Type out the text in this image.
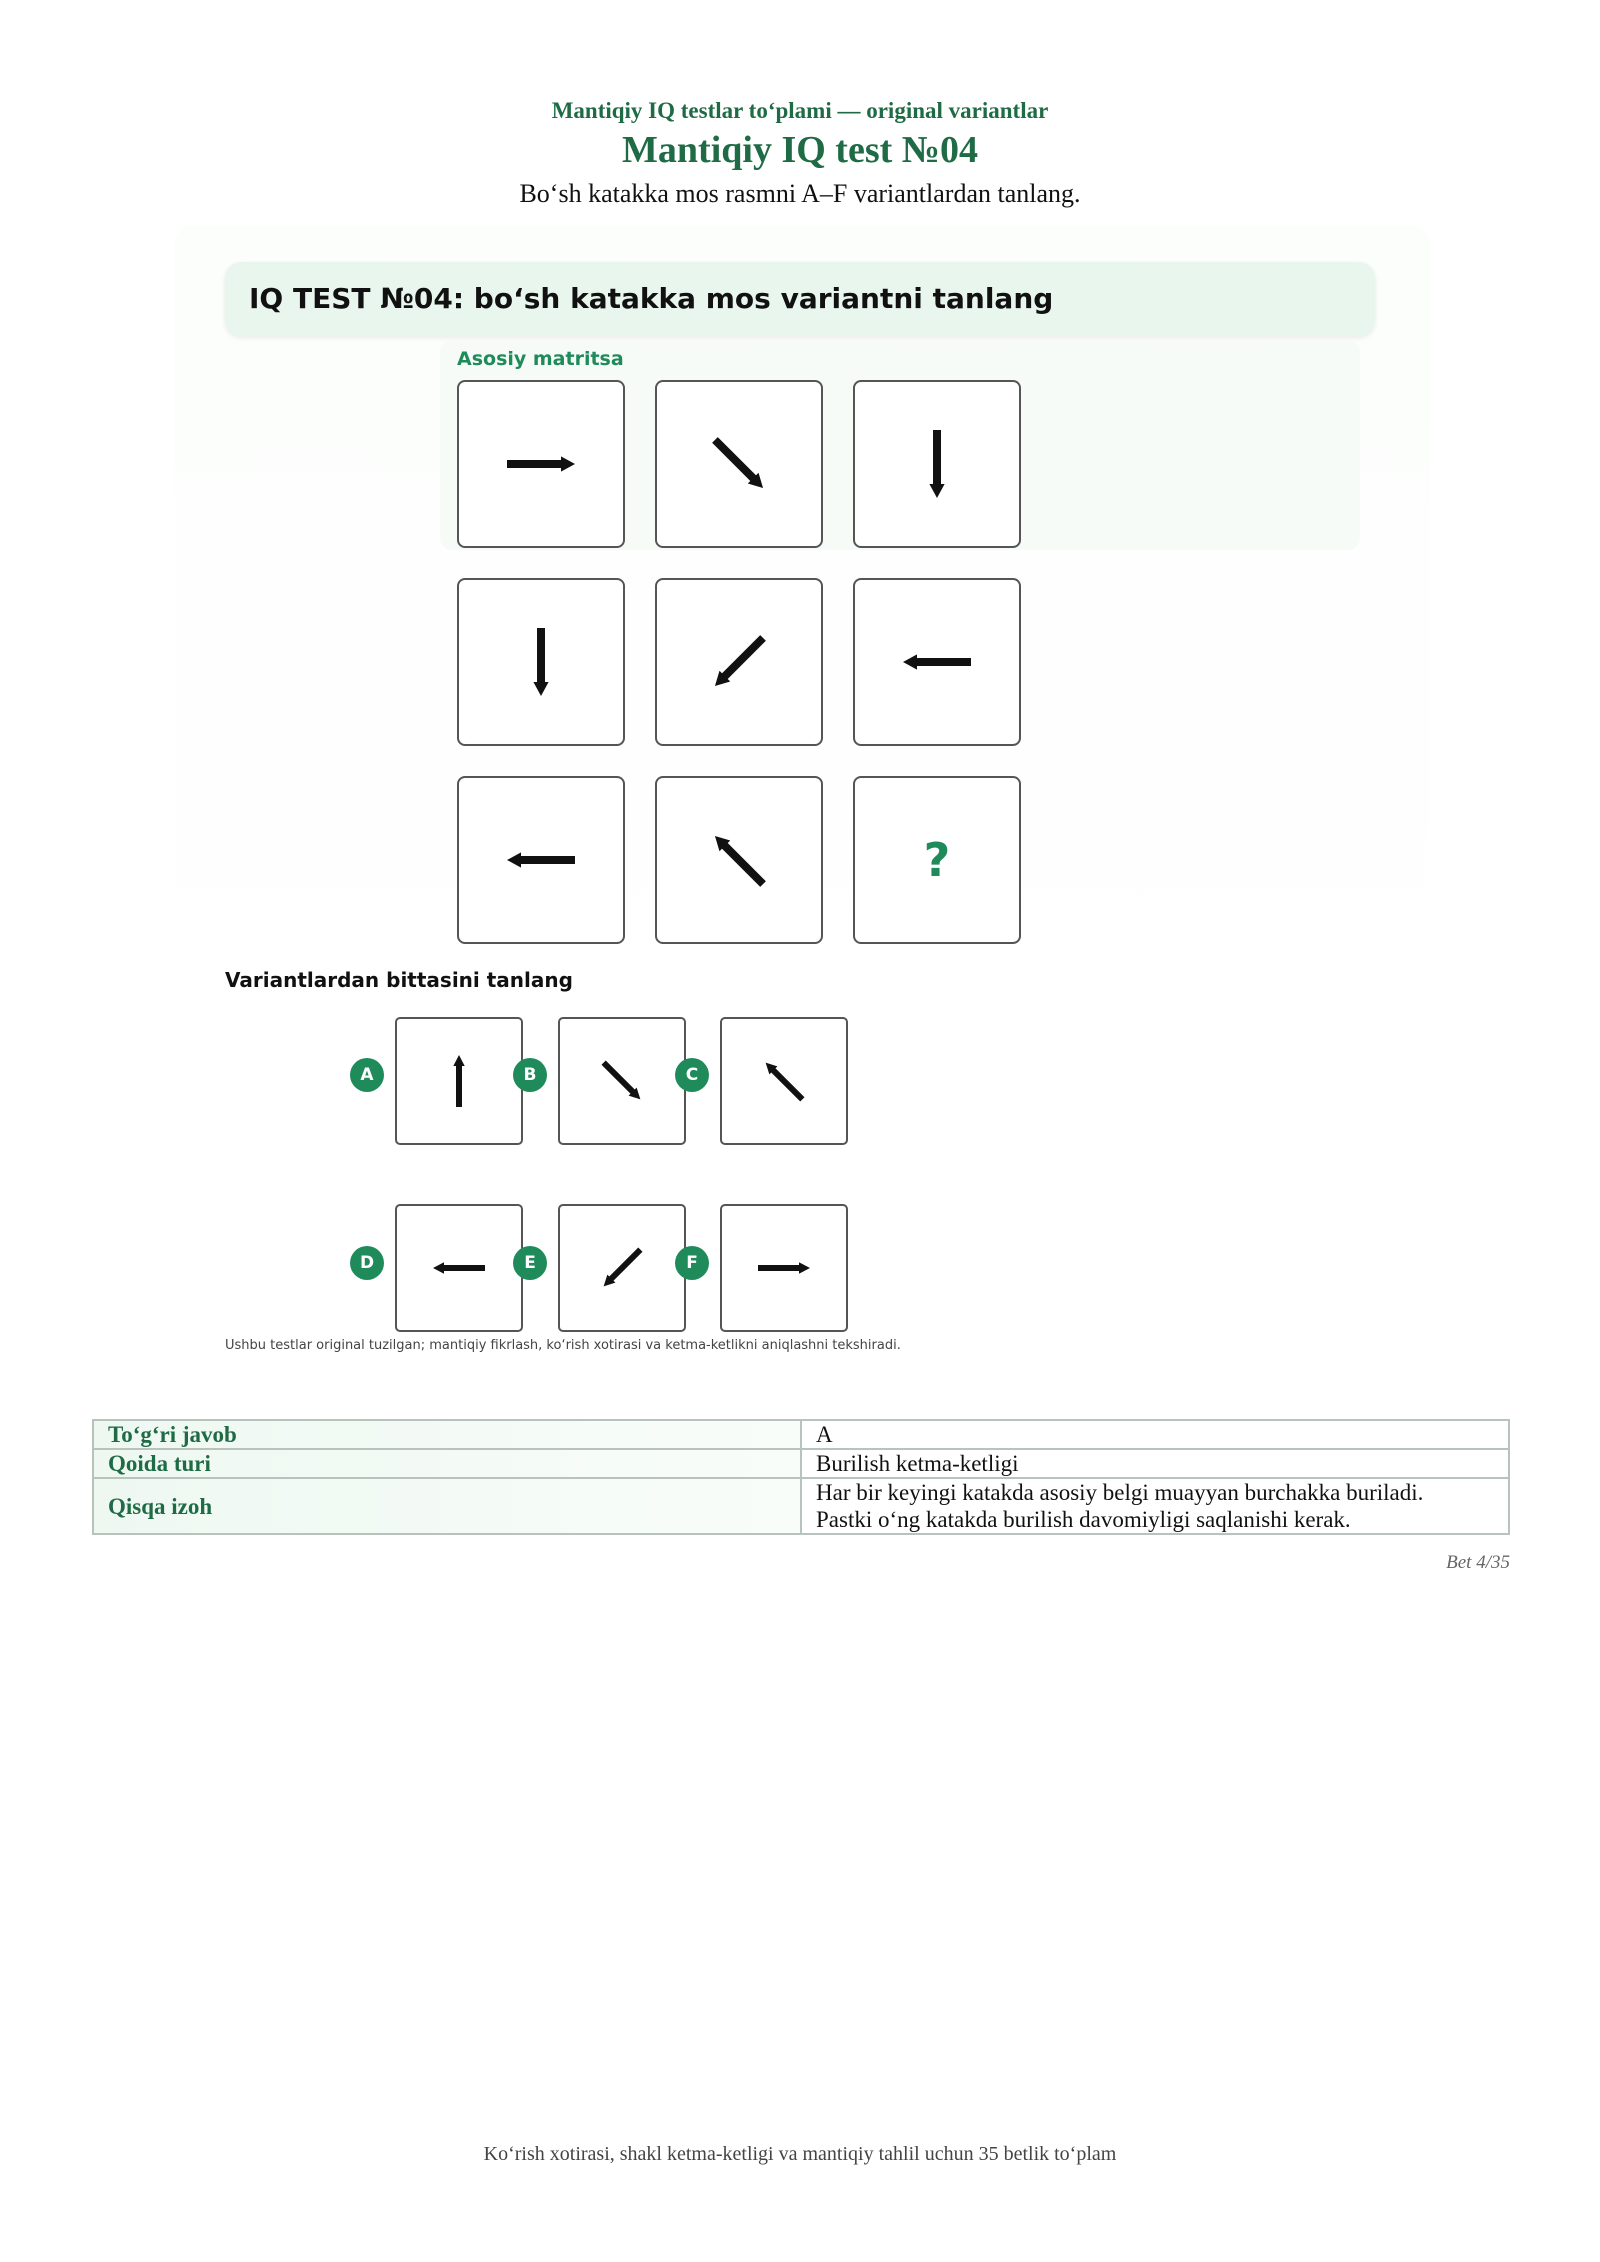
Mantiqiy IQ testlar to‘plami — original variantlar
Mantiqiy IQ test №04
Bo‘sh katakka mos rasmni A–F variantlardan tanlang.
IQ TEST №04: bo‘sh katakka mos variantni tanlang
Asosiy matritsa
?
Variantlardan bittasini tanlang
A	B	C
D	E	F
Ushbu testlar original tuzilgan; mantiqiy fikrlash, ko‘rish xotirasi va ketma-ketlikni aniqlashni tekshiradi.
To‘g‘ri javob	A
Qoida turi	Burilish ketma-ketligi
Qisqa izoh	Har bir keyingi katakda asosiy belgi muayyan burchakka buriladi.
Pastki o‘ng katakda burilish davomiyligi saqlanishi kerak.
Bet 4/35
Ko‘rish xotirasi, shakl ketma-ketligi va mantiqiy tahlil uchun 35 betlik to‘plam
